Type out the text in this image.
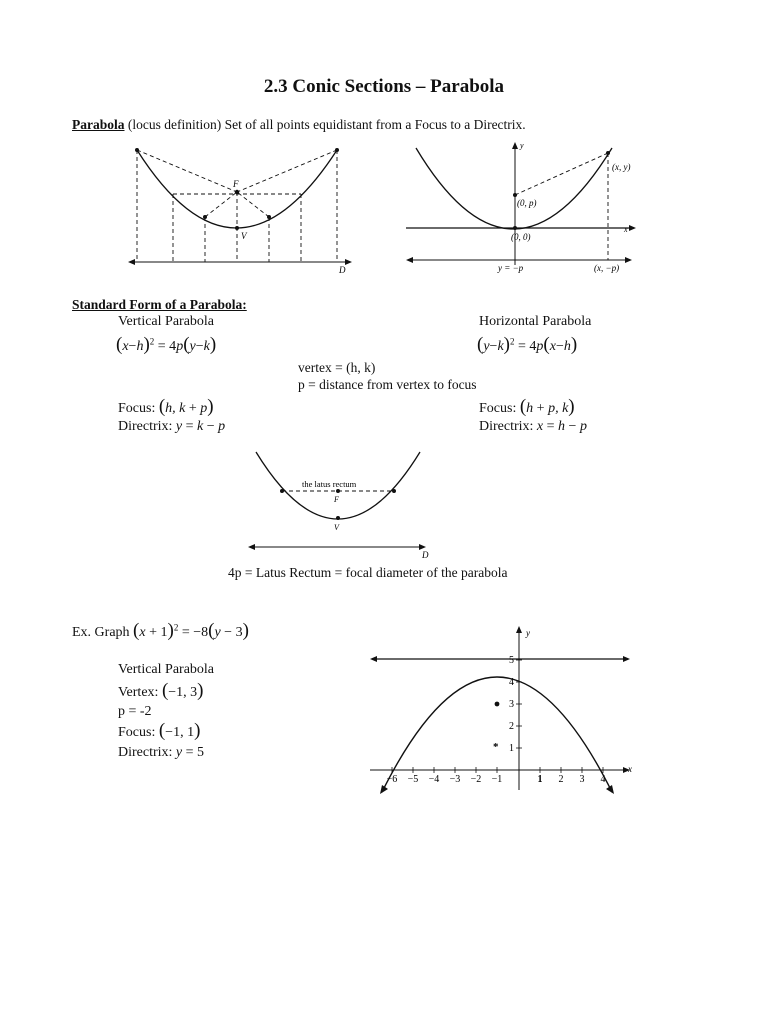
2.3 Conic Sections – Parabola
Parabola (locus definition) Set of all points equidistant from a Focus to a Directrix.
F
V
D
y
x
(x, y)
(0, p)
(0, 0)
y = −p	(x, −p)
Standard Form of a Parabola:
Vertical Parabola	Horizontal Parabola
$(x-h)^2 = 4p(y-k)$	$(y-k)^2 = 4p(x-h)$
vertex = (h, k)
p = distance from vertex to focus
Focus: (h, k + p)	Focus: (h + p, k)
Directrix: y = k − p	Directrix: x = h − p
the latus rectum
F
V
D
4p = Latus Rectum = focal diameter of the parabola
Ex. Graph $(x + 1)^2 = -8(y - 3)$
Vertical Parabola
Vertex: (−1, 3)
p = -2
Focus: (−1, 1)
Directrix: y = 5	*
y
x
−6 −5 −4 −3 −2 −1	1 2 3 4
1
2
3
4
5
